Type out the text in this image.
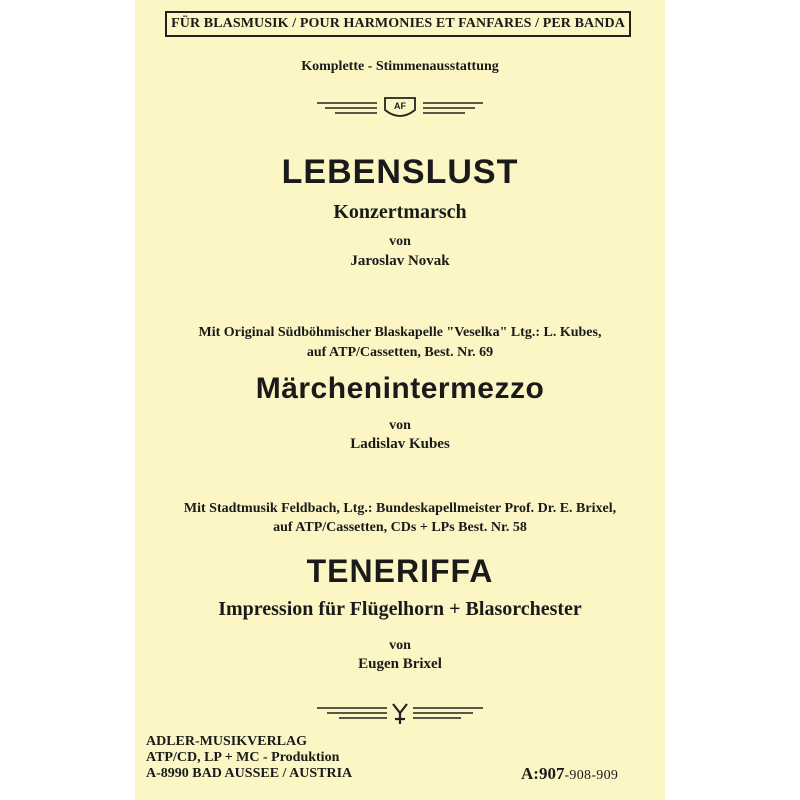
FÜR BLASMUSIK / POUR HARMONIES ET FANFARES / PER BANDA
Komplette - Stimmenausstattung
AF
LEBENSLUST
Konzertmarsch
von
Jaroslav Novak
Mit Original Südböhmischer Blaskapelle "Veselka" Ltg.: L. Kubes,
auf ATP/Cassetten, Best. Nr. 69
Märchenintermezzo
von
Ladislav Kubes
Mit Stadtmusik Feldbach, Ltg.: Bundeskapellmeister Prof. Dr. E. Brixel,
auf ATP/Cassetten, CDs + LPs Best. Nr. 58
TENERIFFA
Impression für Flügelhorn + Blasorchester
von
Eugen Brixel
ADLER-MUSIKVERLAG
ATP/CD, LP + MC - Produktion
A-8990 BAD AUSSEE / AUSTRIA	A:907-908-909
